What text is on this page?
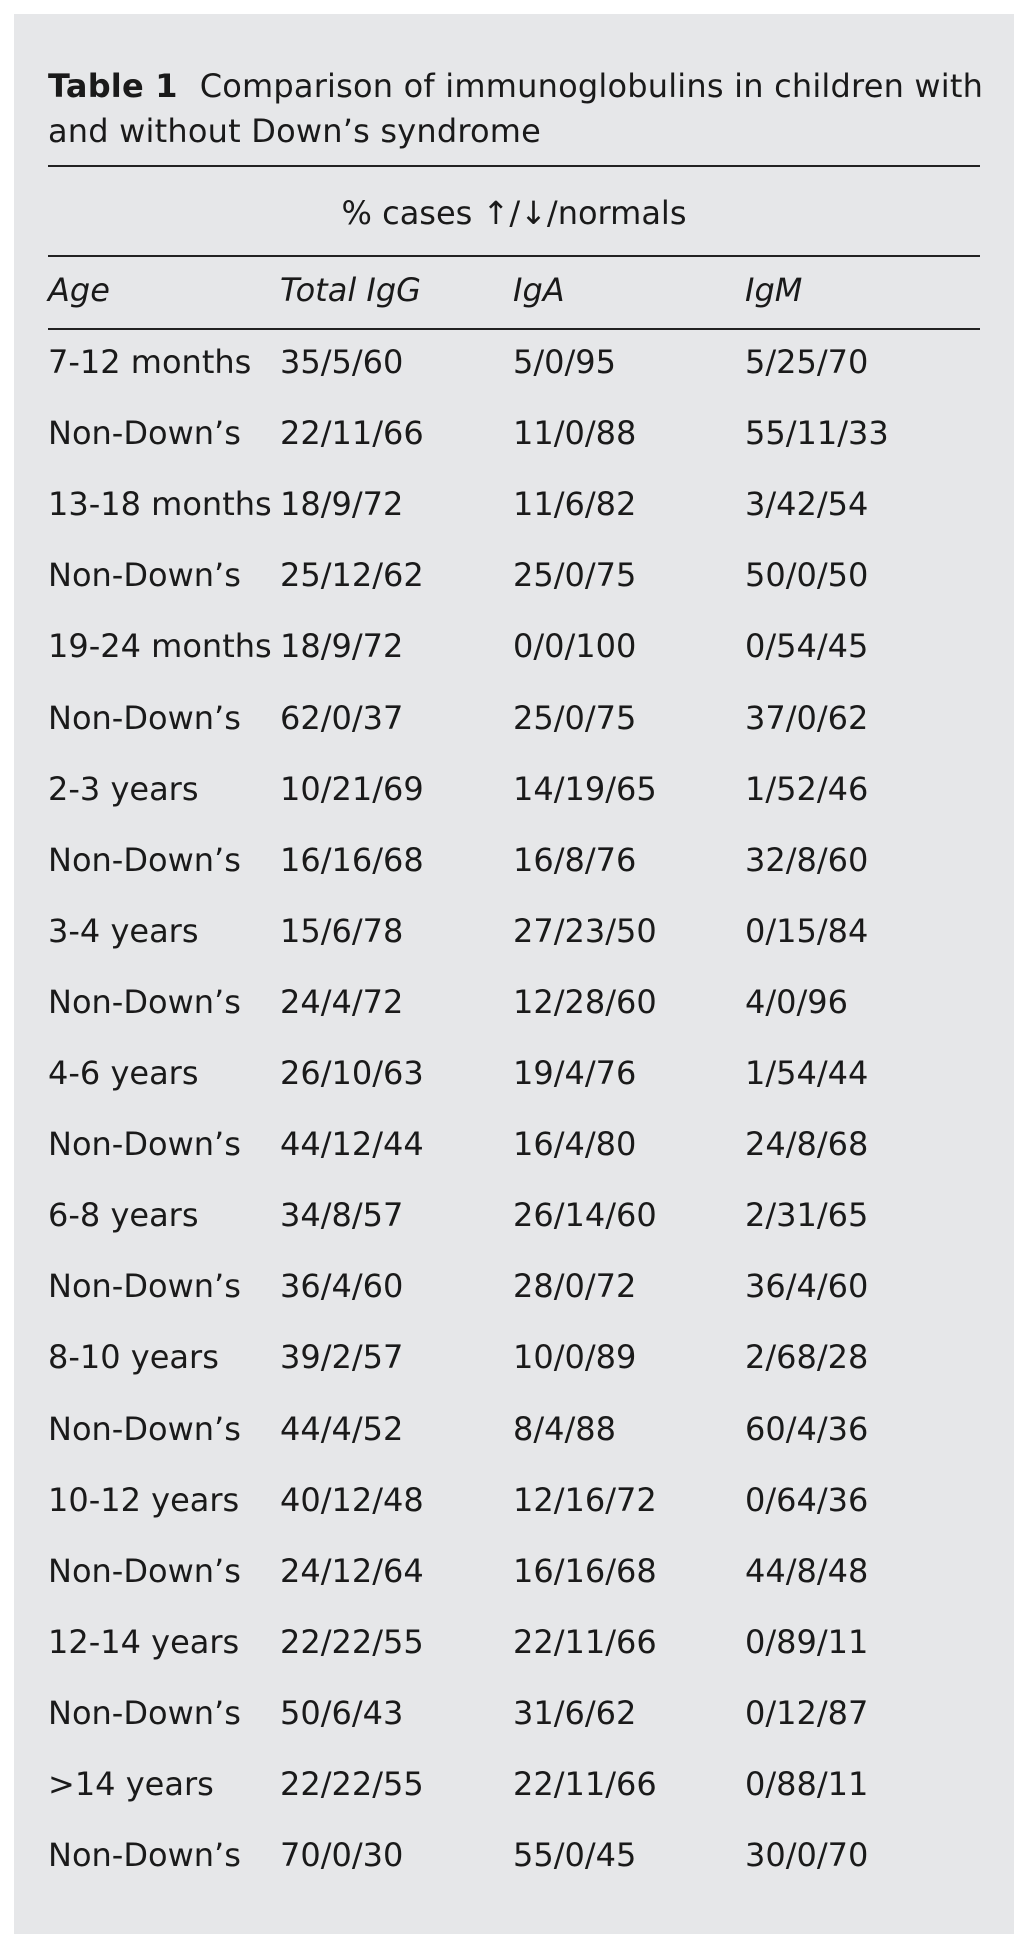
Table 1 Comparison of immunoglobulins in children with and without Down’s syndrome
% cases ↑/↓/normals
Age	Total IgG	IgA	IgM
7-12 months 35/5/60	5/0/95	5/25/70
Non-Down’s 22/11/66	11/0/88	55/11/33
13-18 months 18/9/72	11/6/82	3/42/54
Non-Down’s 25/12/62	25/0/75	50/0/50
19-24 months 18/9/72	0/0/100	0/54/45
Non-Down’s 62/0/37	25/0/75	37/0/62
2-3 years	10/21/69	14/19/65	1/52/46
Non-Down’s 16/16/68	16/8/76	32/8/60
3-4 years	15/6/78	27/23/50	0/15/84
Non-Down’s 24/4/72	12/28/60	4/0/96
4-6 years	26/10/63	19/4/76	1/54/44
Non-Down’s 44/12/44	16/4/80	24/8/68
6-8 years	34/8/57	26/14/60	2/31/65
Non-Down’s 36/4/60	28/0/72	36/4/60
8-10 years 39/2/57	10/0/89	2/68/28
Non-Down’s 44/4/52	8/4/88	60/4/36
10-12 years 40/12/48	12/16/72	0/64/36
Non-Down’s 24/12/64	16/16/68	44/8/48
12-14 years 22/22/55	22/11/66	0/89/11
Non-Down’s 50/6/43	31/6/62	0/12/87
>14 years 22/22/55	22/11/66	0/88/11
Non-Down’s 70/0/30	55/0/45	30/0/70
